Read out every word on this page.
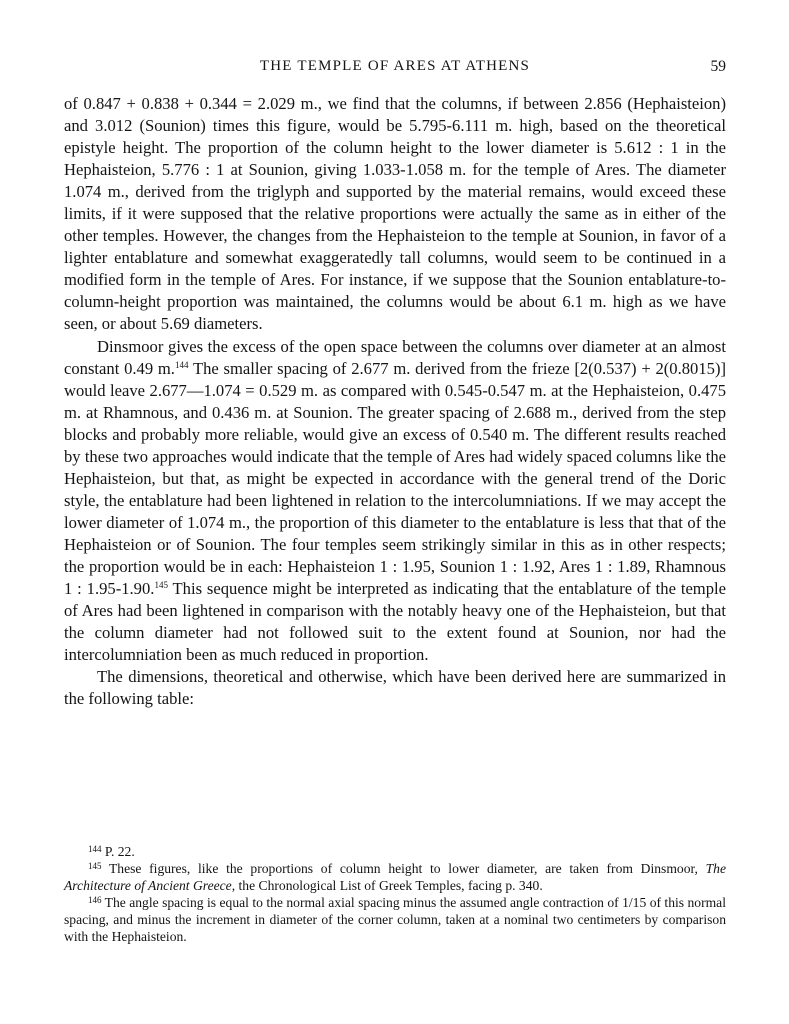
THE TEMPLE OF ARES AT ATHENS	59

of 0.847 + 0.838 + 0.344 = 2.029 m., we find that the columns, if between 2.856 (Hephaisteion) and 3.012 (Sounion) times this figure, would be 5.795-6.111 m. high, based on the theoretical epistyle height. The proportion of the column height to the lower diameter is 5.612 : 1 in the Hephaisteion, 5.776 : 1 at Sounion, giving 1.033-1.058 m. for the temple of Ares. The diameter 1.074 m., derived from the triglyph and supported by the material remains, would exceed these limits, if it were supposed that the relative proportions were actually the same as in either of the other temples. However, the changes from the Hephaisteion to the temple at Sounion, in favor of a lighter entablature and somewhat exaggeratedly tall columns, would seem to be continued in a modified form in the temple of Ares. For instance, if we suppose that the Sounion entablature-to-column-height proportion was maintained, the columns would be about 6.1 m. high as we have seen, or about 5.69 diameters.

Dinsmoor gives the excess of the open space between the columns over diameter at an almost constant 0.49 m.$^{144}$ The smaller spacing of 2.677 m. derived from the frieze [2(0.537) + 2(0.8015)] would leave 2.677—1.074 = 0.529 m. as compared with 0.545-0.547 m. at the Hephaisteion, 0.475 m. at Rhamnous, and 0.436 m. at Sounion. The greater spacing of 2.688 m., derived from the step blocks and probably more reliable, would give an excess of 0.540 m. The different results reached by these two approaches would indicate that the temple of Ares had widely spaced columns like the Hephaisteion, but that, as might be expected in accordance with the general trend of the Doric style, the entablature had been lightened in relation to the intercolumniations. If we may accept the lower diameter of 1.074 m., the proportion of this diameter to the entablature is less that that of the Hephaisteion or of Sounion. The four temples seem strikingly similar in this as in other respects; the proportion would be in each: Hephaisteion 1 : 1.95, Sounion 1 : 1.92, Ares 1 : 1.89, Rhamnous 1 : 1.95-1.90.$^{145}$ This sequence might be interpreted as indicating that the entablature of the temple of Ares had been lightened in comparison with the notably heavy one of the Hephaisteion, but that the column diameter had not followed suit to the extent found at Sounion, nor had the intercolumniation been as much reduced in proportion.

The dimensions, theoretical and otherwise, which have been derived here are summarized in the following table:

$^{144}$ P. 22.

$^{145}$ These figures, like the proportions of column height to lower diameter, are taken from Dinsmoor, The Architecture of Ancient Greece, the Chronological List of Greek Temples, facing p. 340.

$^{146}$ The angle spacing is equal to the normal axial spacing minus the assumed angle contraction of 1/15 of this normal spacing, and minus the increment in diameter of the corner column, taken at a nominal two centimeters by comparison with the Hephaisteion.
